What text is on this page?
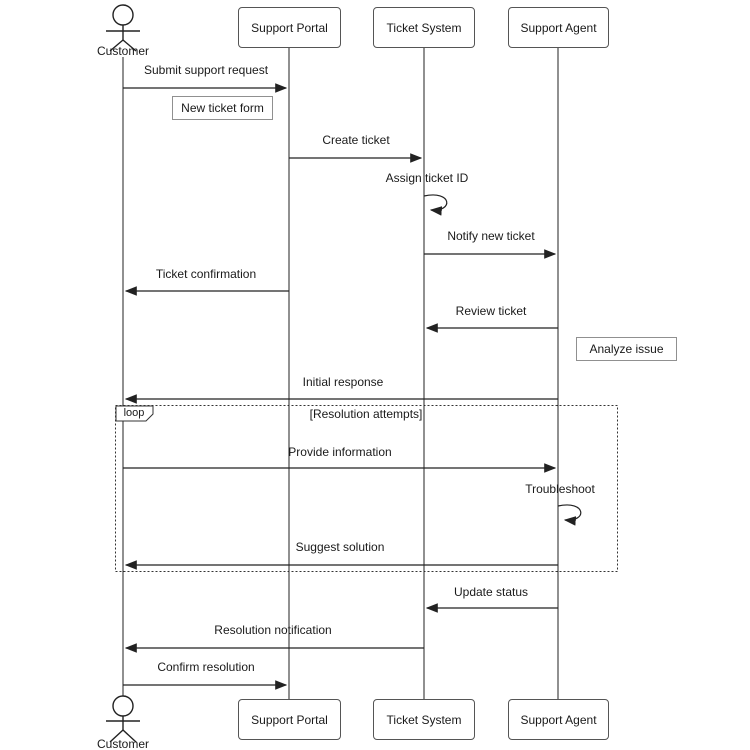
Support Portal	Ticket System	Support Agent
Support Portal	Ticket System	Support Agent
Customer
Customer
New ticket form
Analyze issue
loop	[Resolution attempts]
Submit support request
Create ticket
Assign ticket ID
Notify new ticket
Ticket confirmation
Review ticket
Initial response
Provide information
Troubleshoot
Suggest solution
Update status
Resolution notification
Confirm resolution
